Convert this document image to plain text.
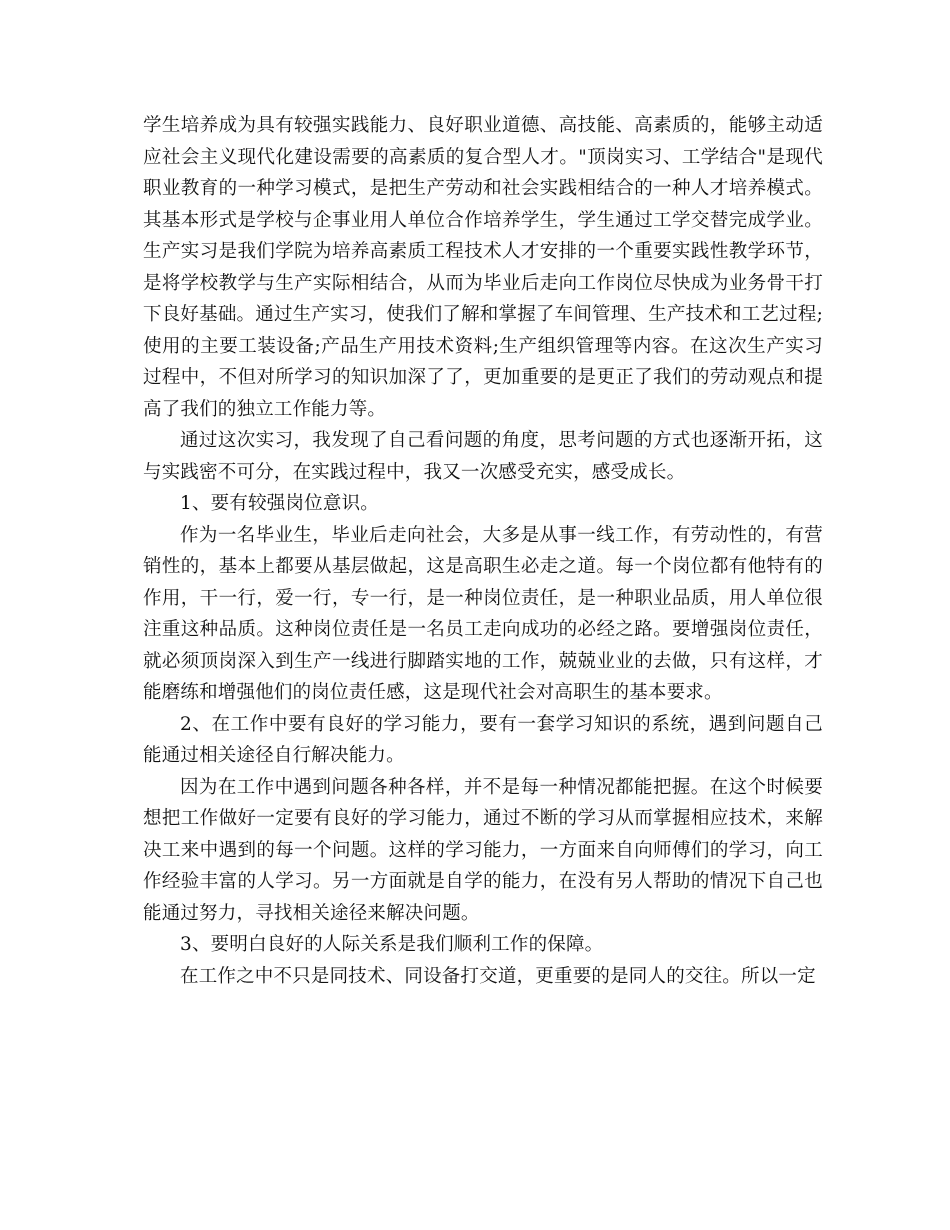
学生培养成为具有较强实践能力、良好职业道德、高技能、高素质的，能够主动适应社会主义现代化建设需要的高素质的复合型人才。"顶岗实习、工学结合"是现代职业教育的一种学习模式，是把生产劳动和社会实践相结合的一种人才培养模式。其基本形式是学校与企事业用人单位合作培养学生，学生通过工学交替完成学业。生产实习是我们学院为培养高素质工程技术人才安排的一个重要实践性教学环节，是将学校教学与生产实际相结合，从而为毕业后走向工作岗位尽快成为业务骨干打下良好基础。通过生产实习，使我们了解和掌握了车间管理、生产技术和工艺过程;使用的主要工装设备;产品生产用技术资料;生产组织管理等内容。在这次生产实习过程中，不但对所学习的知识加深了了，更加重要的是更正了我们的劳动观点和提高了我们的独立工作能力等。

通过这次实习，我发现了自己看问题的角度，思考问题的方式也逐渐开拓，这与实践密不可分，在实践过程中，我又一次感受充实，感受成长。

1、要有较强岗位意识。

作为一名毕业生，毕业后走向社会，大多是从事一线工作，有劳动性的，有营销性的，基本上都要从基层做起，这是高职生必走之道。每一个岗位都有他特有的作用，干一行，爱一行，专一行，是一种岗位责任，是一种职业品质，用人单位很注重这种品质。这种岗位责任是一名员工走向成功的必经之路。要增强岗位责任，就必须顶岗深入到生产一线进行脚踏实地的工作，兢兢业业的去做，只有这样，才能磨练和增强他们的岗位责任感，这是现代社会对高职生的基本要求。

2、在工作中要有良好的学习能力，要有一套学习知识的系统，遇到问题自己能通过相关途径自行解决能力。

因为在工作中遇到问题各种各样，并不是每一种情况都能把握。在这个时候要想把工作做好一定要有良好的学习能力，通过不断的学习从而掌握相应技术，来解决工来中遇到的每一个问题。这样的学习能力，一方面来自向师傅们的学习，向工作经验丰富的人学习。另一方面就是自学的能力，在没有另人帮助的情况下自己也能通过努力，寻找相关途径来解决问题。

3、要明白良好的人际关系是我们顺利工作的保障。

在工作之中不只是同技术、同设备打交道，更重要的是同人的交往。所以一定
